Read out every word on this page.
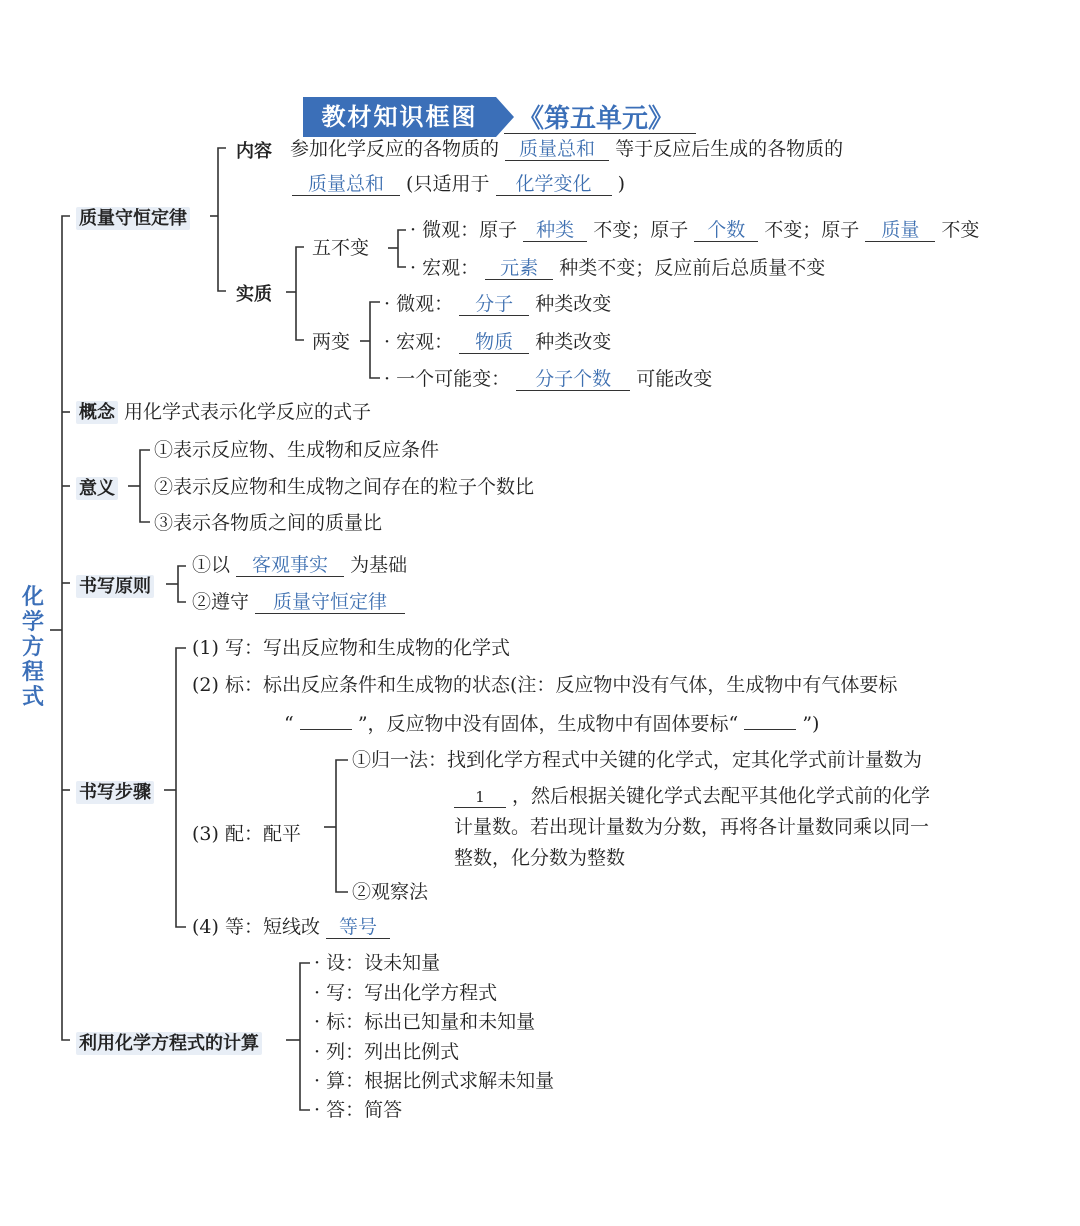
教材知识框图	《第五单元》
化
学
方
程
式
质量守恒定律
内容 参加化学反应的各物质的 质量总和 等于反应后生成的各物质的
质量总和 (只适用于 化学变化 )
实质
五不变
· 微观：原子 种类 不变；原子 个数 不变；原子 质量 不变
· 宏观： 元素 种类不变；反应前后总质量不变
两变
· 微观： 分子 种类改变
· 宏观： 物质 种类改变
· 一个可能变： 分子个数 可能改变
概念 用化学式表示化学反应的式子
意义
①表示反应物、生成物和反应条件
②表示反应物和生成物之间存在的粒子个数比
③表示各物质之间的质量比
书写原则
①以 客观事实 为基础
②遵守 质量守恒定律
书写步骤
(1) 写：写出反应物和生成物的化学式
(2) 标：标出反应条件和生成物的状态(注：反应物中没有气体，生成物中有气体要标
“	”，反应物中没有固体，生成物中有固体要标“	”)
(3) 配：配平
①归一法：找到化学方程式中关键的化学式，定其化学式前计量数为
1 ，然后根据关键化学式去配平其他化学式前的化学
计量数。若出现计量数为分数，再将各计量数同乘以同一
整数，化分数为整数
②观察法
(4) 等：短线改 等号
利用化学方程式的计算
· 设：设未知量
· 写：写出化学方程式
· 标：标出已知量和未知量
· 列：列出比例式
· 算：根据比例式求解未知量
· 答：简答
